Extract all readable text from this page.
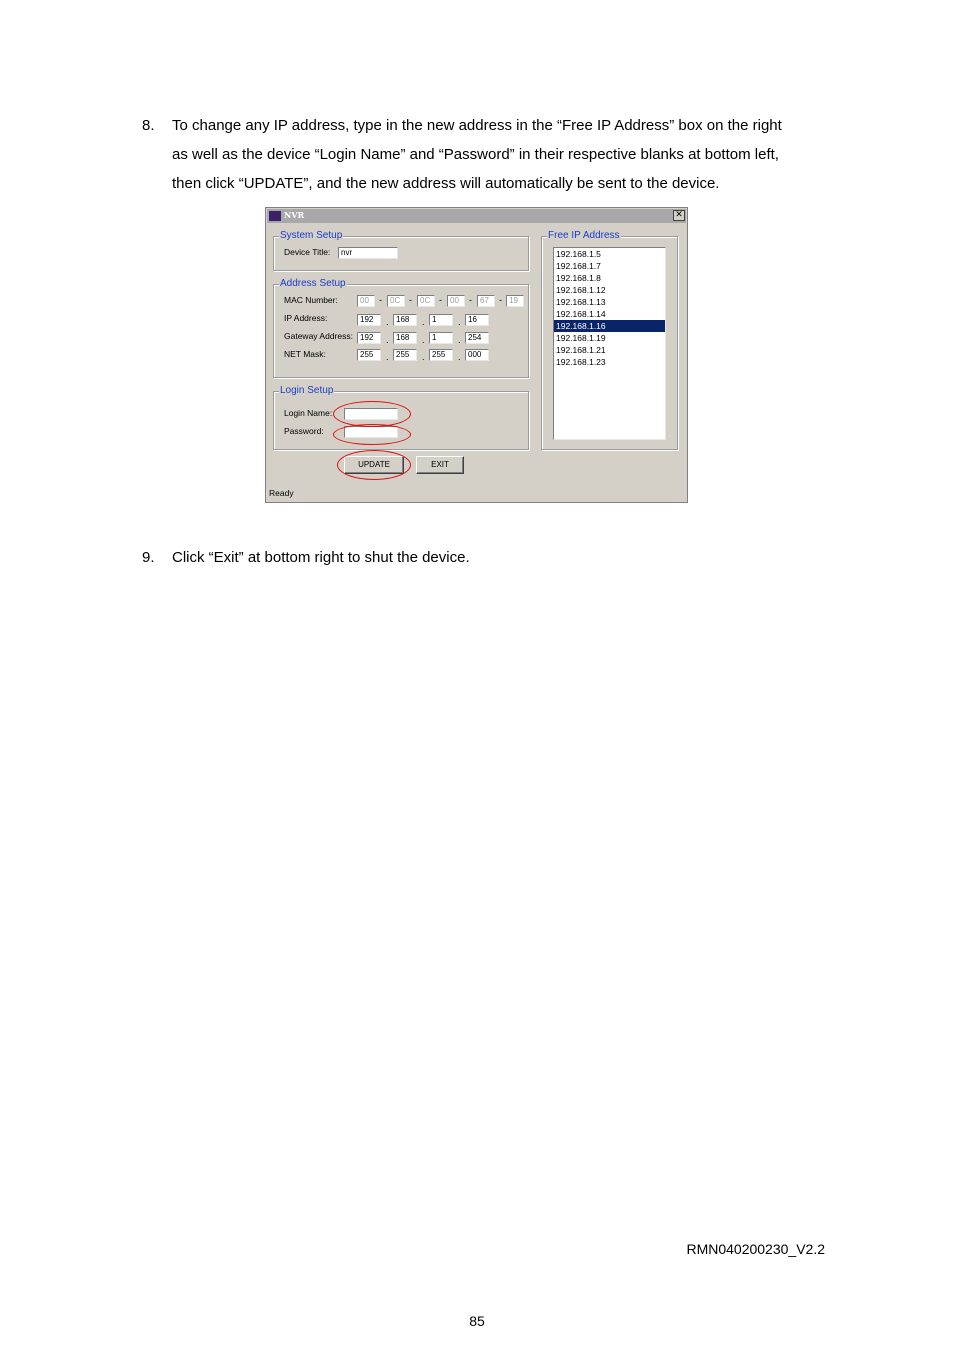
8. To change any IP address, type in the new address in the “Free IP Address” box on the right
as well as the device “Login Name” and “Password” in their respective blanks at bottom left,
then click “UPDATE”, and the new address will automatically be sent to the device.
NVR	✕
System Setup
Device Title:	nvr
Address Setup
MAC Number:	00	-	0C -	0C -	00	-	67	- 19
IP Address:	192	. 168	. 1	. 16
Gateway Address: 192	. 168	. 1	. 254
NET Mask:	255	. 255	. 255	. 000
Login Setup
Login Name:
Password:
Free IP Address
192.168.1.5
192.168.1.7
192.168.1.8
192.168.1.12
192.168.1.13
192.168.1.14
192.168.1.16
192.168.1.19
192.168.1.21
192.168.1.23
UPDATE	EXIT
Ready
9. Click “Exit” at bottom right to shut the device.
RMN040200230_V2.2
85
